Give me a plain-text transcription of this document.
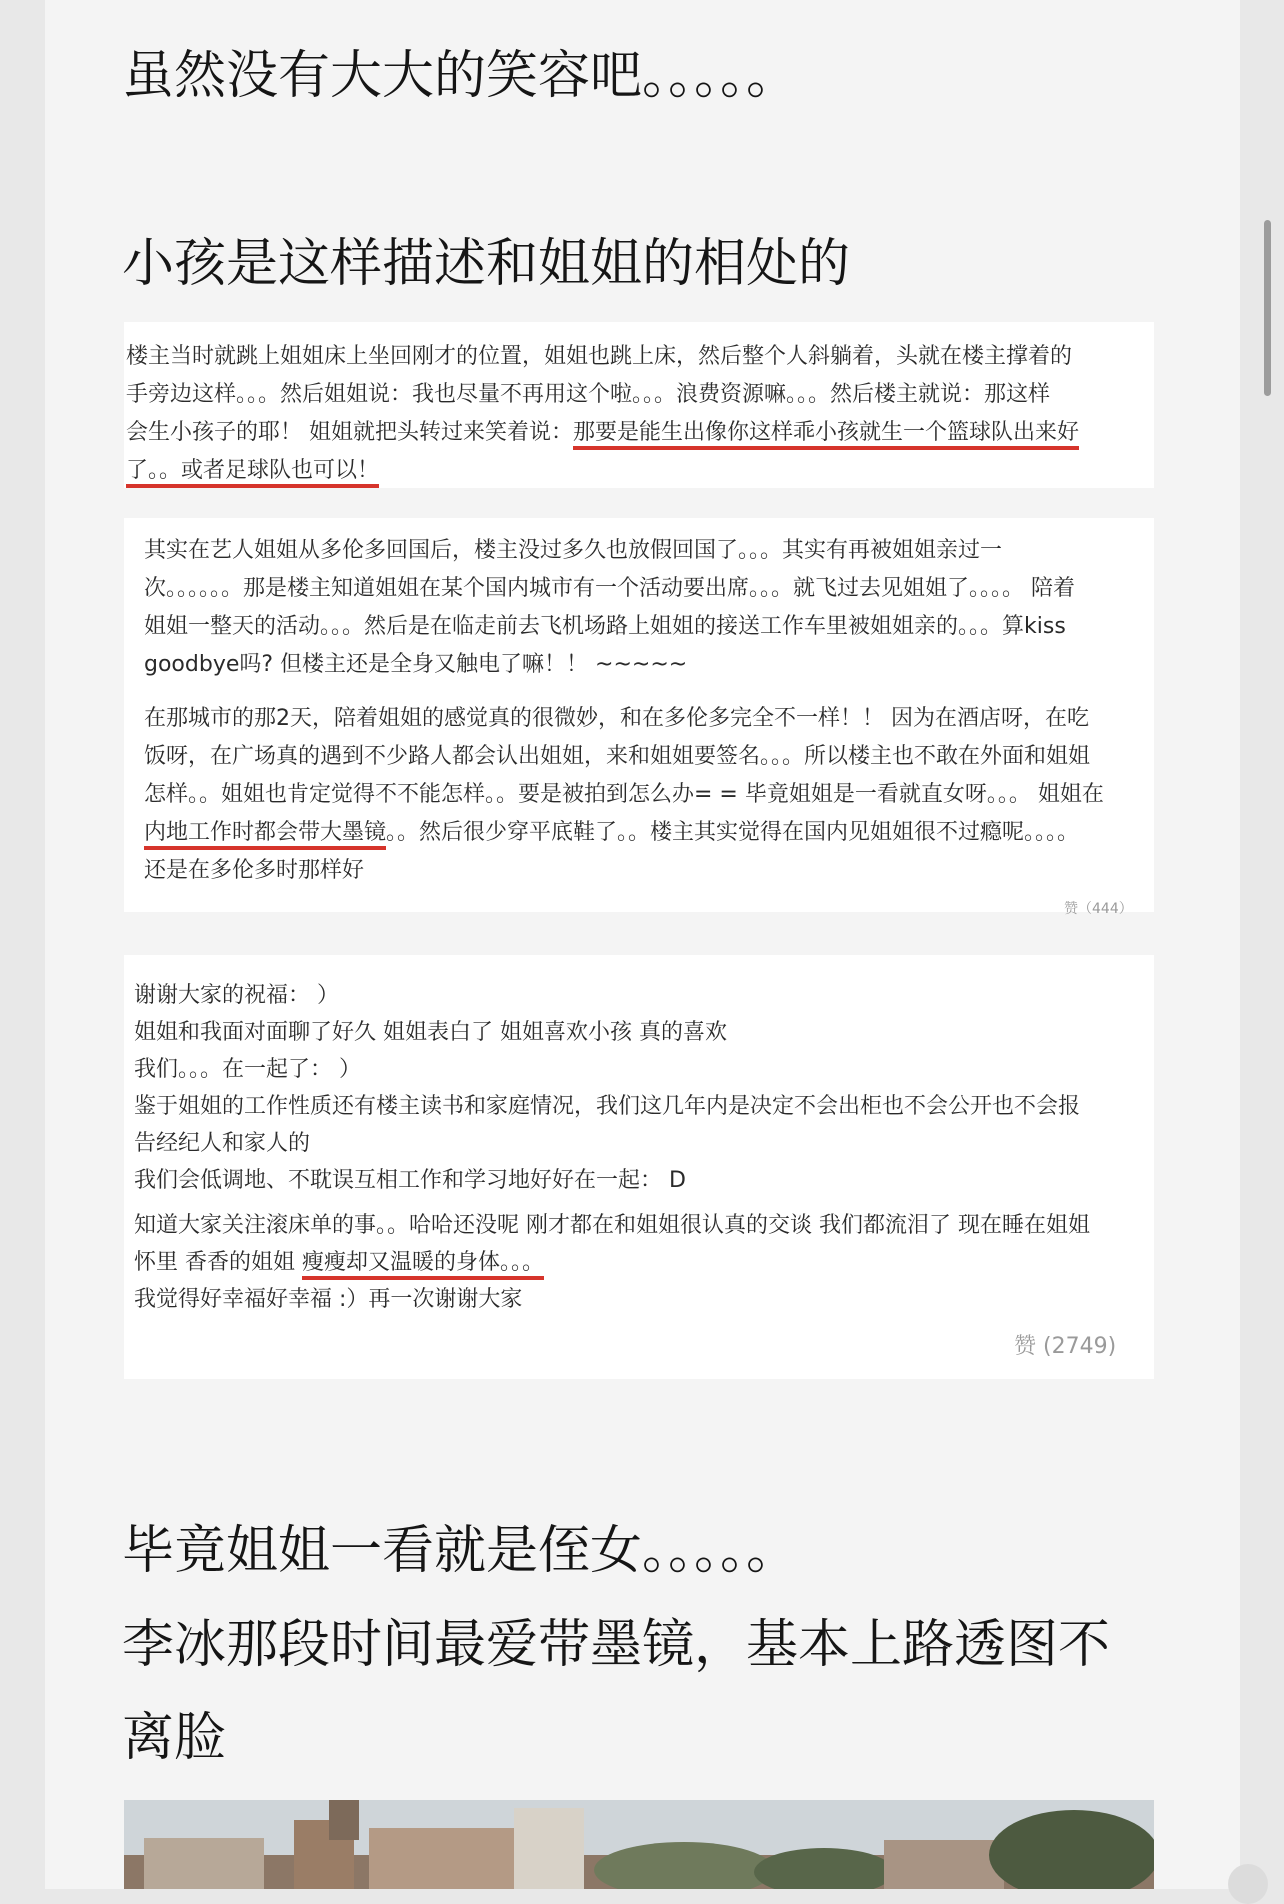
虽然没有大大的笑容吧。。。。。
小孩是这样描述和姐姐的相处的

楼主当时就跳上姐姐床上坐回刚才的位置，姐姐也跳上床，然后整个人斜躺着，头就在楼主撑着的

手旁边这样。。。然后姐姐说：我也尽量不再用这个啦。。。浪费资源嘛。。。然后楼主就说：那这样

会生小孩子的耶！ 姐姐就把头转过来笑着说：那要是能生出像你这样乖小孩就生一个篮球队出来好

了。。或者足球队也可以！

其实在艺人姐姐从多伦多回国后，楼主没过多久也放假回国了。。。其实有再被姐姐亲过一

次。。。。。。那是楼主知道姐姐在某个国内城市有一个活动要出席。。。就飞过去见姐姐了。。。。 陪着

姐姐一整天的活动。。。然后是在临走前去飞机场路上姐姐的接送工作车里被姐姐亲的。。。算kiss

goodbye吗? 但楼主还是全身又触电了嘛！！ ~~~~~

在那城市的那2天，陪着姐姐的感觉真的很微妙，和在多伦多完全不一样！！ 因为在酒店呀，在吃

饭呀，在广场真的遇到不少路人都会认出姐姐，来和姐姐要签名。。。所以楼主也不敢在外面和姐姐

怎样。。姐姐也肯定觉得不不能怎样。。要是被拍到怎么办= = 毕竟姐姐是一看就直女呀。。。 姐姐在

内地工作时都会带大墨镜。。然后很少穿平底鞋了。。楼主其实觉得在国内见姐姐很不过瘾呢。。。。

还是在多伦多时那样好

赞（444）

谢谢大家的祝福： ）

姐姐和我面对面聊了好久 姐姐表白了 姐姐喜欢小孩 真的喜欢

我们。。。在一起了： ）

鉴于姐姐的工作性质还有楼主读书和家庭情况，我们这几年内是决定不会出柜也不会公开也不会报

告经纪人和家人的

我们会低调地、不耽误互相工作和学习地好好在一起： D

知道大家关注滚床单的事。。哈哈还没呢 刚才都在和姐姐很认真的交谈 我们都流泪了 现在睡在姐姐

怀里 香香的姐姐 瘦瘦却又温暖的身体。。。

我觉得好幸福好幸福 :）再一次谢谢大家

赞 (2749)
毕竟姐姐一看就是侄女。。。。。
李冰那段时间最爱带墨镜，基本上路透图不
离脸
